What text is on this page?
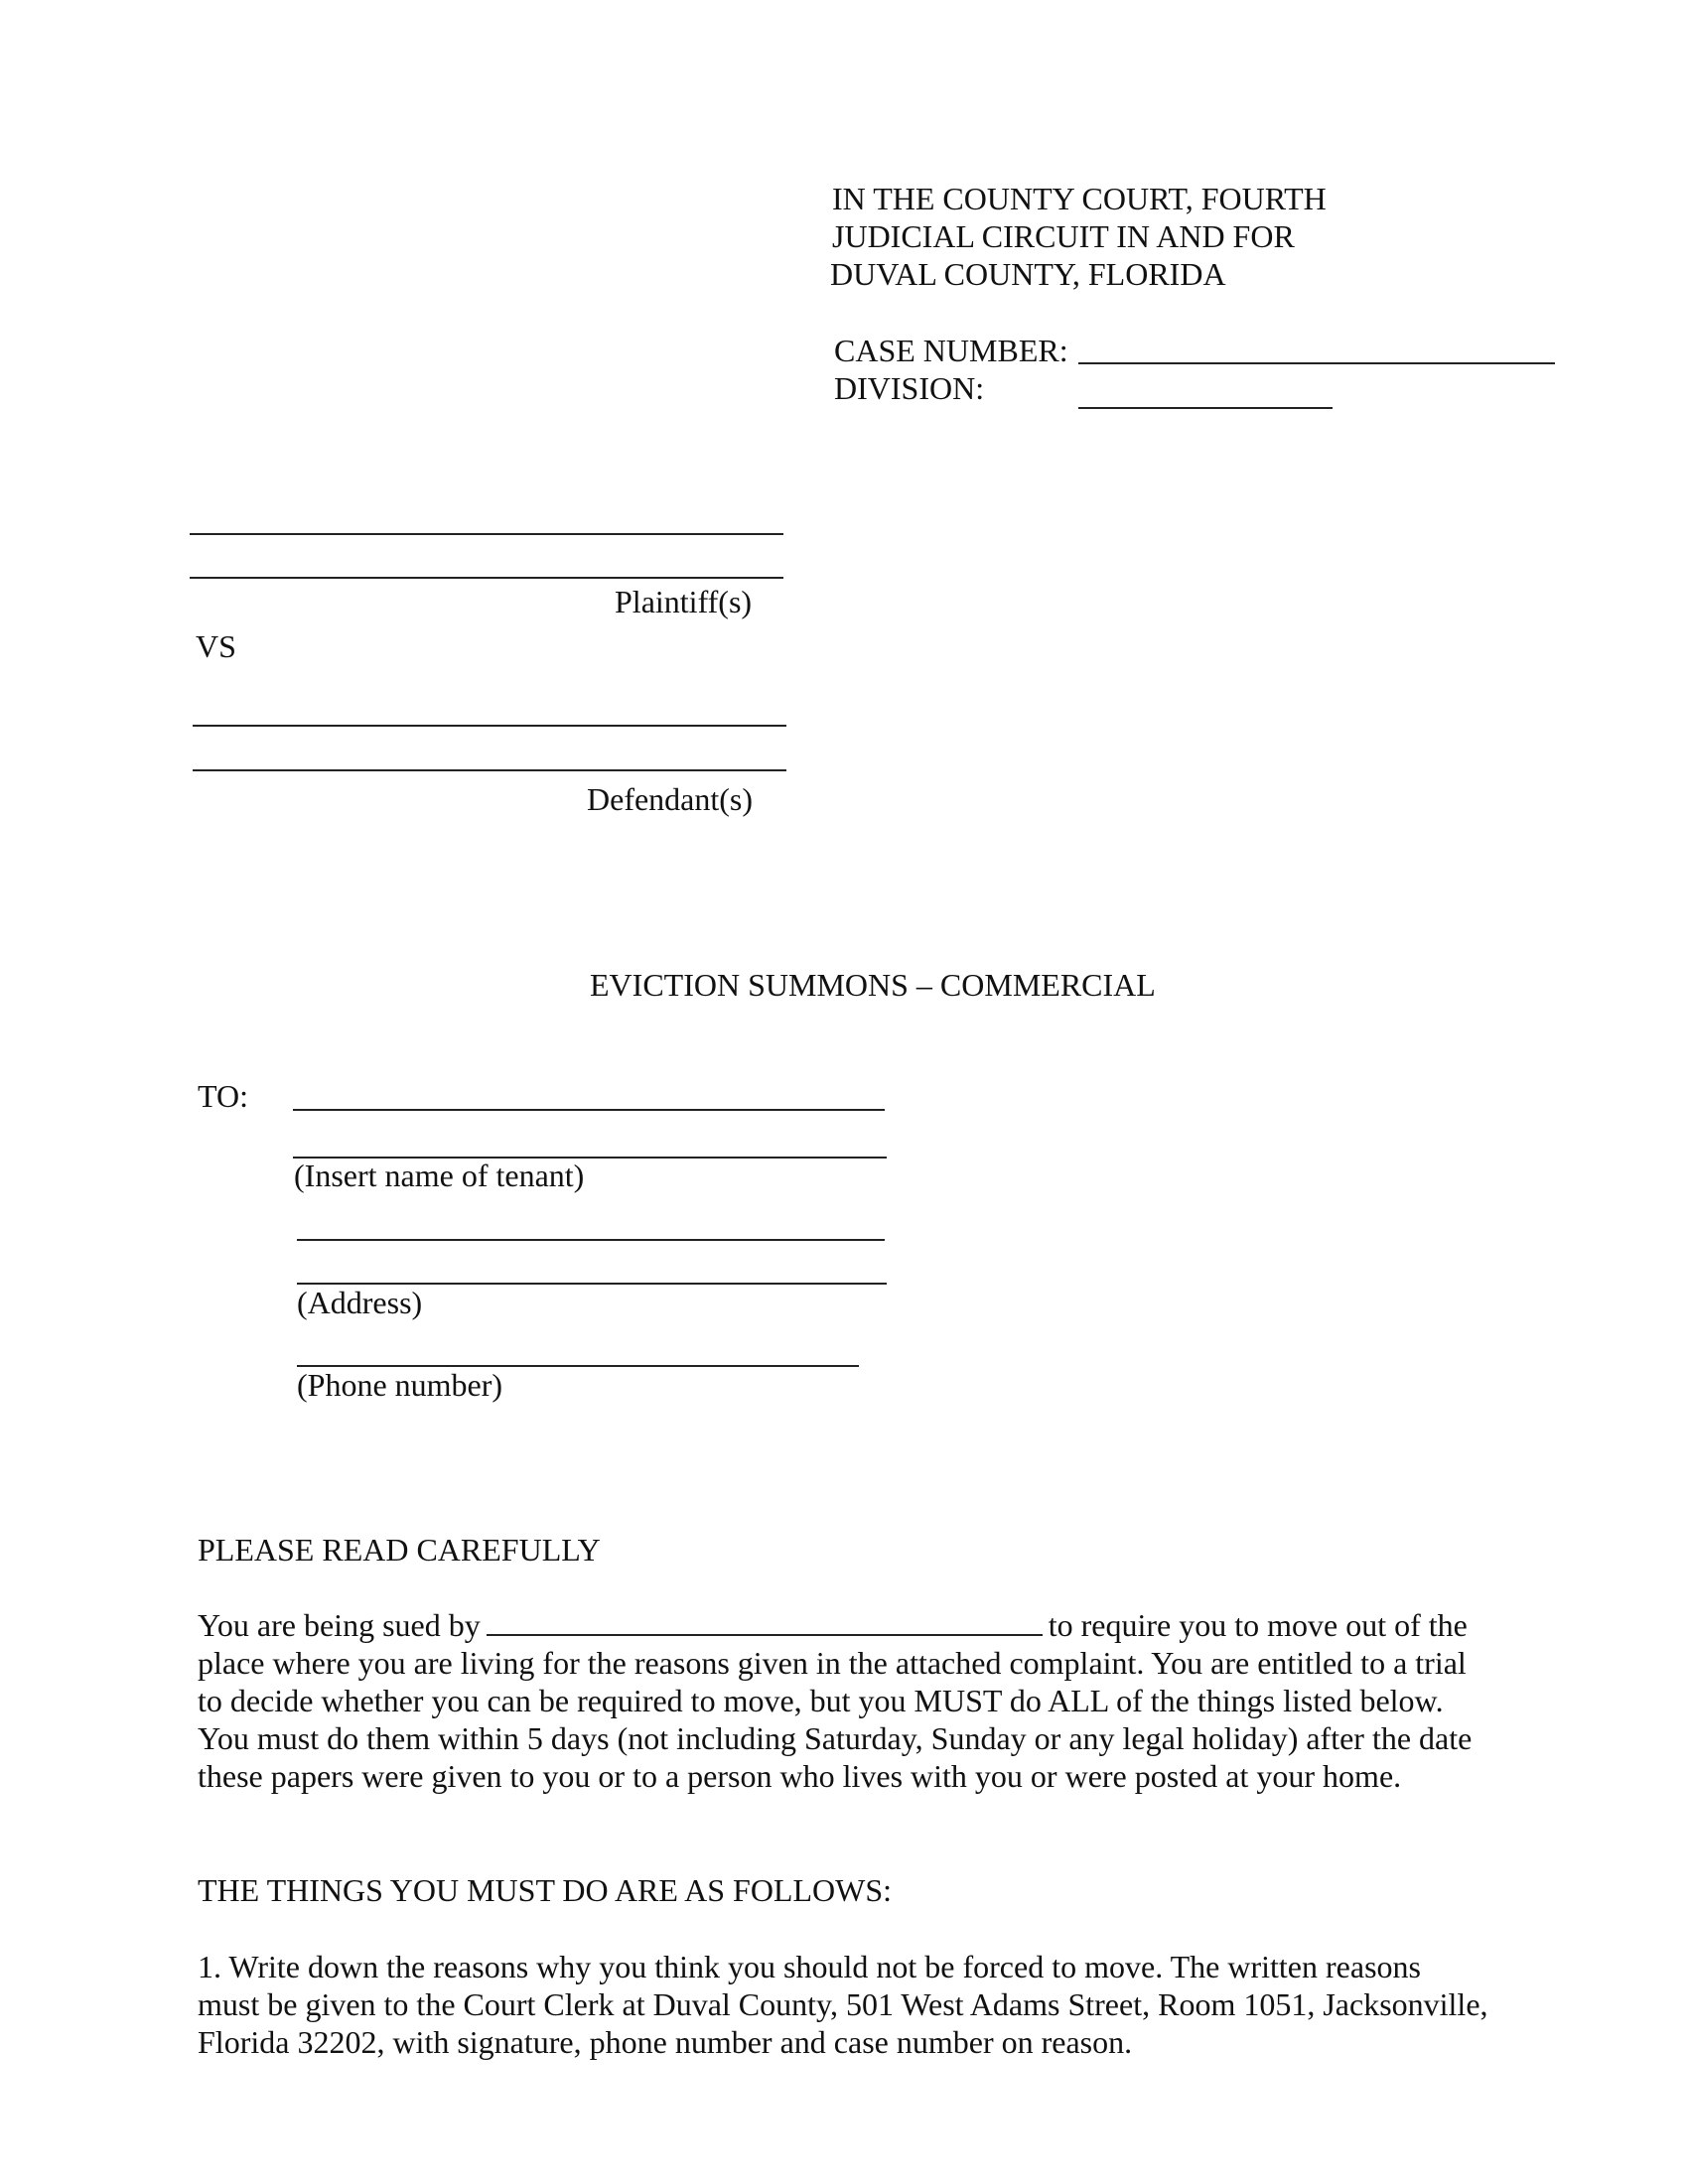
IN THE COUNTY COURT, FOURTH
JUDICIAL CIRCUIT IN AND FOR
DUVAL COUNTY, FLORIDA
CASE NUMBER:
DIVISION:
Plaintiff(s)
VS
Defendant(s)
EVICTION SUMMONS – COMMERCIAL
TO:
(Insert name of tenant)
(Address)
(Phone number)
PLEASE READ CAREFULLY

You are being sued by	to require you to move out of the place where you are living for the reasons given in the attached complaint. You are entitled to a trial to decide whether you can be required to move, but you MUST do ALL of the things listed below. You must do them within 5 days (not including Saturday, Sunday or any legal holiday) after the date these papers were given to you or to a person who lives with you or were posted at your home.

THE THINGS YOU MUST DO ARE AS FOLLOWS:

1. Write down the reasons why you think you should not be forced to move. The written reasons must be given to the Court Clerk at Duval County, 501 West Adams Street, Room 1051, Jacksonville, Florida 32202, with signature, phone number and case number on reason.
